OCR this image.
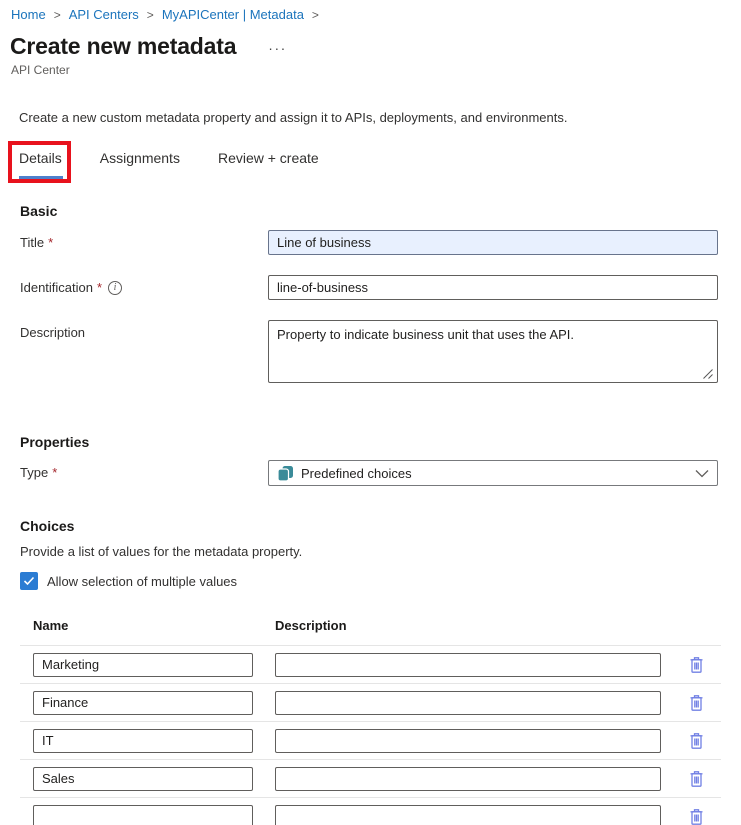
Home > API Centers > MyAPICenter | Metadata >
Create new metadata ···
API Center

Create a new custom metadata property and assign it to APIs, deployments, and environments.

Details	Assignments	Review + create
Basic
Title *
Line of business
Identification *	i
line-of-business
Description
Property to indicate business unit that uses the API.
Properties
Type *	Predefined choices
Choices

Provide a list of values for the metadata property.

Allow selection of multiple values
Name	Description
Marketing
Finance
IT
Sales
